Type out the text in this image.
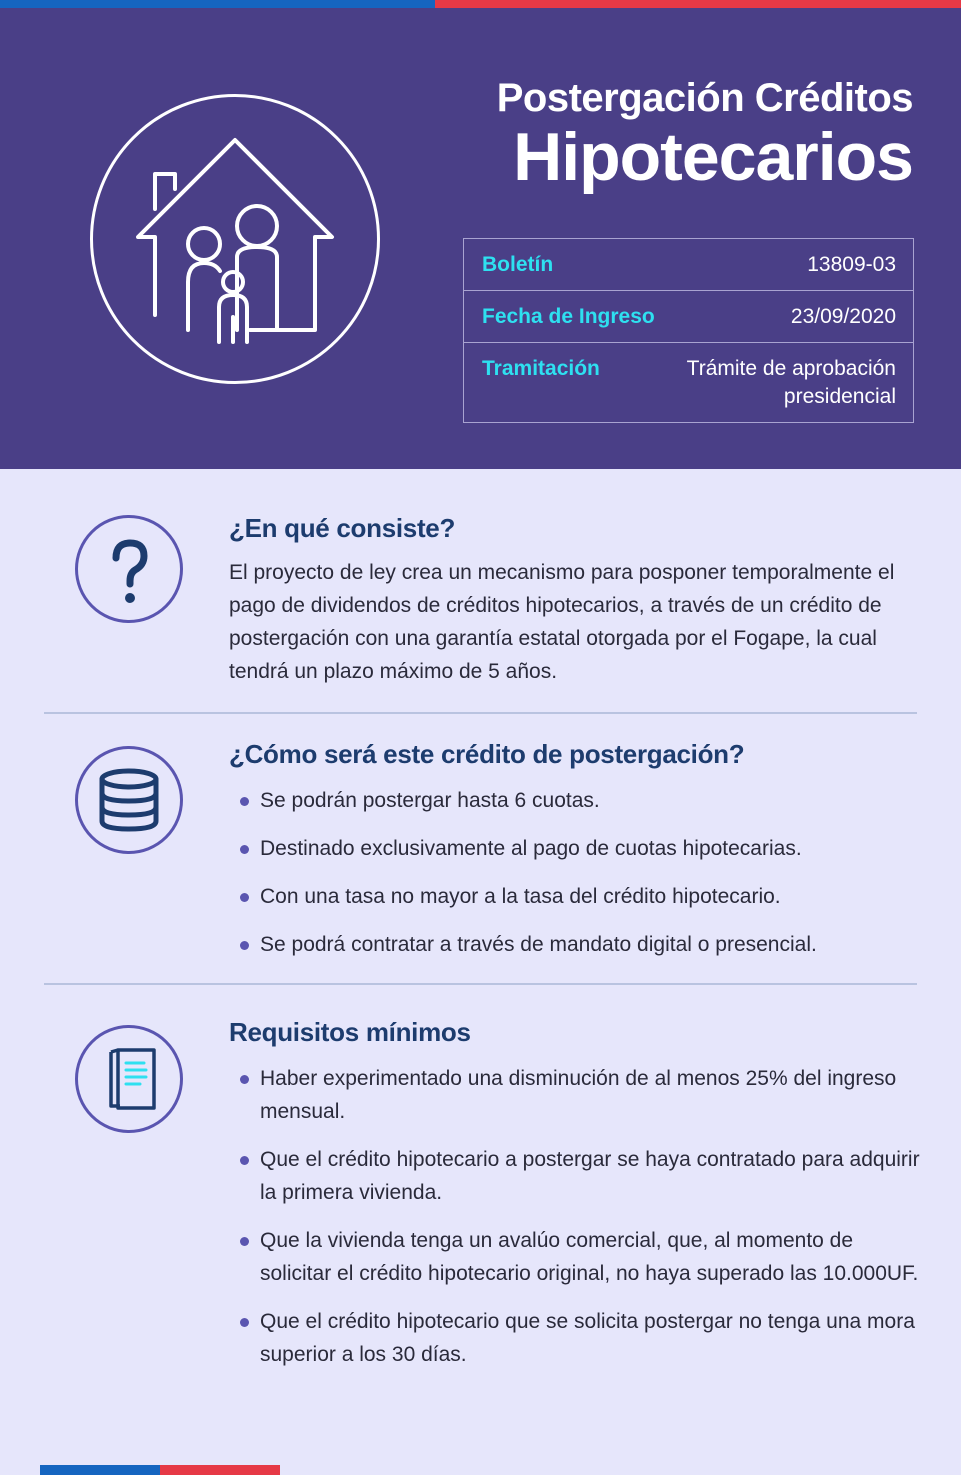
Postergación Créditos
Hipotecarios
Boletín	13809-03
Fecha de Ingreso	23/09/2020
Tramitación	Trámite de aprobación presidencial
¿En qué consiste?
El proyecto de ley crea un mecanismo para posponer temporalmente el pago de dividendos de créditos hipotecarios, a través de un crédito de postergación con una garantía estatal otorgada por el Fogape, la cual tendrá un plazo máximo de 5 años.
¿Cómo será este crédito de postergación?
Se podrán postergar hasta 6 cuotas.
Destinado exclusivamente al pago de cuotas hipotecarias.
Con una tasa no mayor a la tasa del crédito hipotecario.
Se podrá contratar a través de mandato digital o presencial.
Requisitos mínimos
Haber experimentado una disminución de al menos 25% del ingreso mensual.
Que el crédito hipotecario a postergar se haya contratado para adquirir la primera vivienda.
Que la vivienda tenga un avalúo comercial, que, al momento de solicitar el crédito hipotecario original, no haya superado las 10.000UF.
Que el crédito hipotecario que se solicita postergar no tenga una mora superior a los 30 días.
